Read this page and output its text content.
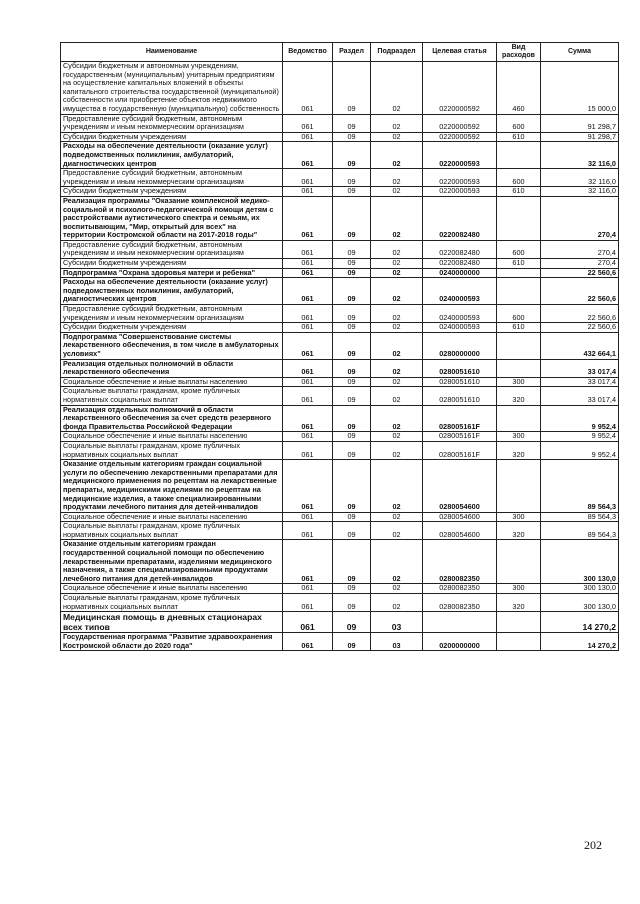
Наименование	Ведомство	Раздел	Подраздел	Целевая статья	Вид расходов	Сумма
Субсидии бюджетным и автономным учреждениям, государственным (муниципальным) унитарным предприятиям на осуществление капитальных вложений в объекты капитального строительства государственной (муниципальной) собственности или приобретение объектов недвижимого имущества в государственную (муниципальную) собственность	061	09	02	0220000592	460	15 000,0
Предоставление субсидий бюджетным, автономным учреждениям и иным некоммерческим организациям	061	09	02	0220000592	600	91 298,7
Субсидии бюджетным учреждениям	061	09	02	0220000592	610	91 298,7
Расходы на обеспечение деятельности (оказание услуг) подведомственных поликлиник, амбулаторий, диагностических центров	061	09	02	0220000593		32 116,0
Предоставление субсидий бюджетным, автономным учреждениям и иным некоммерческим организациям	061	09	02	0220000593	600	32 116,0
Субсидии бюджетным учреждениям	061	09	02	0220000593	610	32 116,0
Реализация программы "Оказание комплексной медико-социальной и психолого-педагогической помощи детям с расстройствами аутистического спектра и семьям, их воспитывающим, "Мир, открытый для всех" на территории Костромской области на 2017-2018 годы"	061	09	02	0220082480		270,4
Предоставление субсидий бюджетным, автономным учреждениям и иным некоммерческим организациям	061	09	02	0220082480	600	270,4
Субсидии бюджетным учреждениям	061	09	02	0220082480	610	270,4
Подпрограмма "Охрана здоровья матери и ребенка"	061	09	02	0240000000		22 560,6
Расходы на обеспечение деятельности (оказание услуг) подведомственных поликлиник, амбулаторий, диагностических центров	061	09	02	0240000593		22 560,6
Предоставление субсидий бюджетным, автономным учреждениям и иным некоммерческим организациям	061	09	02	0240000593	600	22 560,6
Субсидии бюджетным учреждениям	061	09	02	0240000593	610	22 560,6
Подпрограмма "Совершенствование системы лекарственного обеспечения, в том числе в амбулаторных условиях"	061	09	02	0280000000		432 664,1
Реализация отдельных полномочий в области лекарственного обеспечения	061	09	02	0280051610		33 017,4
Социальное обеспечение и иные выплаты населению	061	09	02	0280051610	300	33 017,4
Социальные выплаты гражданам, кроме публичных нормативных социальных выплат	061	09	02	0280051610	320	33 017,4
Реализация отдельных полномочий в области лекарственного обеспечения за счет средств резервного фонда Правительства Российской Федерации	061	09	02	028005161F		9 952,4
Социальное обеспечение и иные выплаты населению	061	09	02	028005161F	300	9 952,4
Социальные выплаты гражданам, кроме публичных нормативных социальных выплат	061	09	02	028005161F	320	9 952,4
Оказание отдельным категориям граждан социальной услуги по обеспечению лекарственными препаратами для медицинского применения по рецептам на лекарственные препараты, медицинскими изделиями по рецептам на медицинские изделия, а также специализированными продуктами лечебного питания для детей-инвалидов	061	09	02	0280054600		89 564,3
Социальное обеспечение и иные выплаты населению	061	09	02	0280054600	300	89 564,3
Социальные выплаты гражданам, кроме публичных нормативных социальных выплат	061	09	02	0280054600	320	89 564,3
Оказание отдельным категориям граждан государственной социальной помощи по обеспечению лекарственными препаратами, изделиями медицинского назначения, а также специализированными продуктами лечебного питания для детей-инвалидов	061	09	02	0280082350		300 130,0
Социальное обеспечение и иные выплаты населению	061	09	02	0280082350	300	300 130,0
Социальные выплаты гражданам, кроме публичных нормативных социальных выплат	061	09	02	0280082350	320	300 130,0
Медицинская помощь в дневных стационарах всех типов	061	09	03			14 270,2
Государственная программа "Развитие здравоохранения Костромской области до 2020 года"	061	09	03	0200000000		14 270,2
202
